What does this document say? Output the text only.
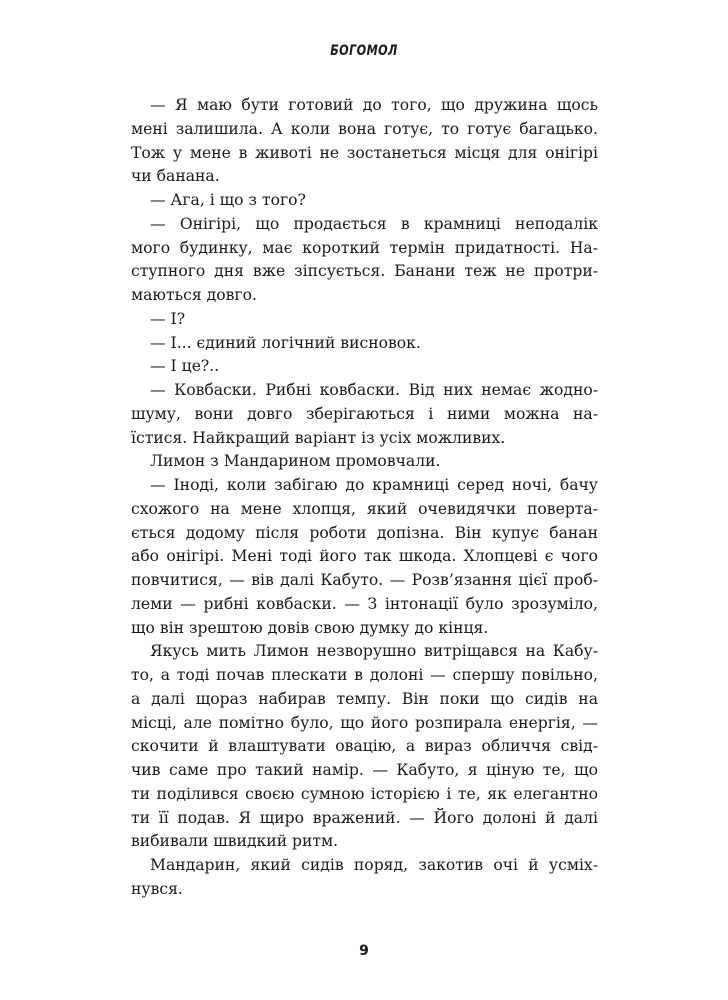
БОГОМОЛ
— Я маю бути готовий до того, що дружина щось
мені залишила. А коли вона готує, то готує багацько.
Тож у мене в животі не зостанеться місця для онігірі
чи банана.
— Ага, і що з того?
— Онігірі, що продається в крамниці неподалік
мого будинку, має короткий термін придатності. На-
ступного дня вже зіпсується. Банани теж не протри-
маються довго.
— І?
— І... єдиний логічний висновок.
— І це?..
— Ковбаски. Рибні ковбаски. Від них немає жодно-
шуму, вони довго зберігаються і ними можна на-
їстися. Найкращий варіант із усіх можливих.
Лимон з Мандарином промовчали.
— Іноді, коли забігаю до крамниці серед ночі, бачу
схожого на мене хлопця, який очевидячки поверта-
ється додому після роботи допізна. Він купує банан
або онігірі. Мені тоді його так шкода. Хлопцеві є чого
повчитися, — вів далі Кабуто. — Розв’язання цієї проб-
леми — рибні ковбаски. — З інтонації було зрозуміло,
що він зрештою довів свою думку до кінця.
Якусь мить Лимон незворушно витріщався на Кабу-
то, а тоді почав плескати в долоні — спершу повільно,
а далі щораз набирав темпу. Він поки що сидів на
місці, але помітно було, що його розпирала енергія, —
скочити й влаштувати овацію, а вираз обличчя свід-
чив саме про такий намір. — Кабуто, я ціную те, що
ти поділився своєю сумною історією і те, як елегантно
ти її подав. Я щиро вражений. — Його долоні й далі
вибивали швидкий ритм.
Мандарин, який сидів поряд, закотив очі й усміх-
нувся.
9
